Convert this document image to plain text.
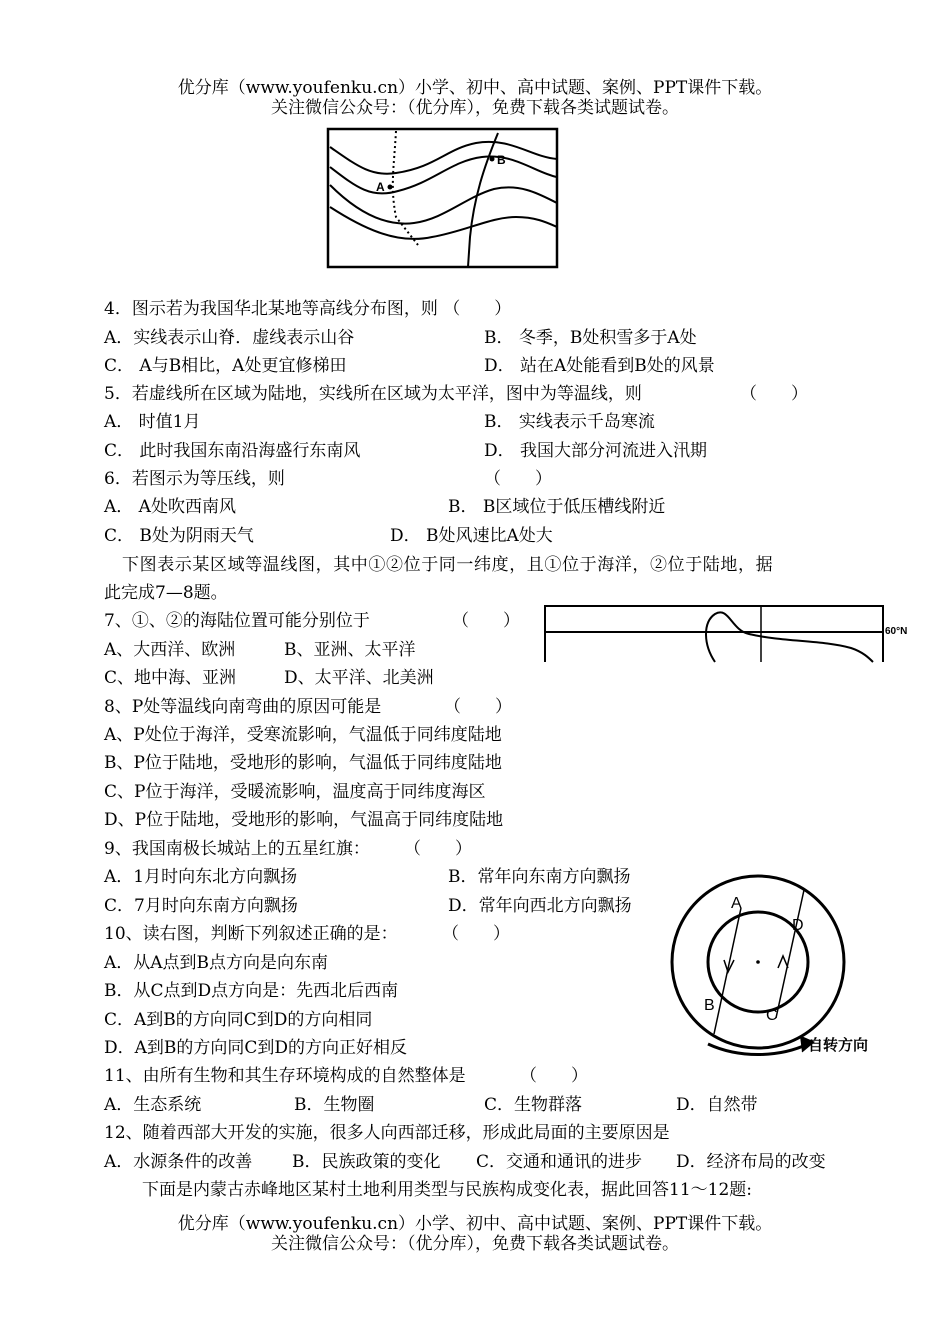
优分库（www.youfenku.cn）小学、初中、高中试题、案例、PPT课件下载。
关注微信公众号：（优分库），免费下载各类试题试卷。
A
B
4．图示若为我国华北某地等高线分布图，则 （　　）
A．实线表示山脊．虚线表示山谷	B． 冬季，B处积雪多于A处
C． A与B相比，A处更宜修梯田	D． 站在A处能看到B处的风景
5．若虚线所在区域为陆地，实线所在区域为太平洋，图中为等温线，则	（　　）
A． 时值1月	B． 实线表示千岛寒流
C． 此时我国东南沿海盛行东南风	D． 我国大部分河流进入汛期
6．若图示为等压线，则	（　　）
A． A处吹西南风	B． B区域位于低压槽线附近
C． B处为阴雨天气	D． B处风速比A处大
下图表示某区域等温线图，其中①②位于同一纬度，且①位于海洋，②位于陆地，据
此完成7—8题。
60°N
7、①、②的海陆位置可能分别位于	（　　）
A、大西洋、欧洲	B、亚洲、太平洋
C、地中海、亚洲	D、太平洋、北美洲
8、P处等温线向南弯曲的原因可能是	（　　）
A、P处位于海洋，受寒流影响，气温低于同纬度陆地
B、P位于陆地，受地形的影响，气温低于同纬度陆地
C、P位于海洋，受暖流影响，温度高于同纬度海区
D、P位于陆地，受地形的影响，气温高于同纬度陆地
9、我国南极长城站上的五星红旗： （　　）
A．1月时向东北方向飘扬	B．常年向东南方向飘扬
C．7月时向东南方向飘扬	D．常年向西北方向飘扬
10、读右图，判断下列叙述正确的是：	（　　）
A．从A点到B点方向是向东南
B．从C点到D点方向是：先西北后西南
C．A到B的方向同C到D的方向相同
D．A到B的方向同C到D的方向正好相反
A
D
B
C
自转方向
11、由所有生物和其生存环境构成的自然整体是	（　　）
A．生态系统	B．生物圈	C．生物群落	D．自然带
12、随着西部大开发的实施，很多人向西部迁移，形成此局面的主要原因是
A．水源条件的改善 B．民族政策的变化 C．交通和通讯的进步 D．经济布局的改变
下面是内蒙古赤峰地区某村土地利用类型与民族构成变化表，据此回答11～12题:
优分库（www.youfenku.cn）小学、初中、高中试题、案例、PPT课件下载。
关注微信公众号：（优分库），免费下载各类试题试卷。
